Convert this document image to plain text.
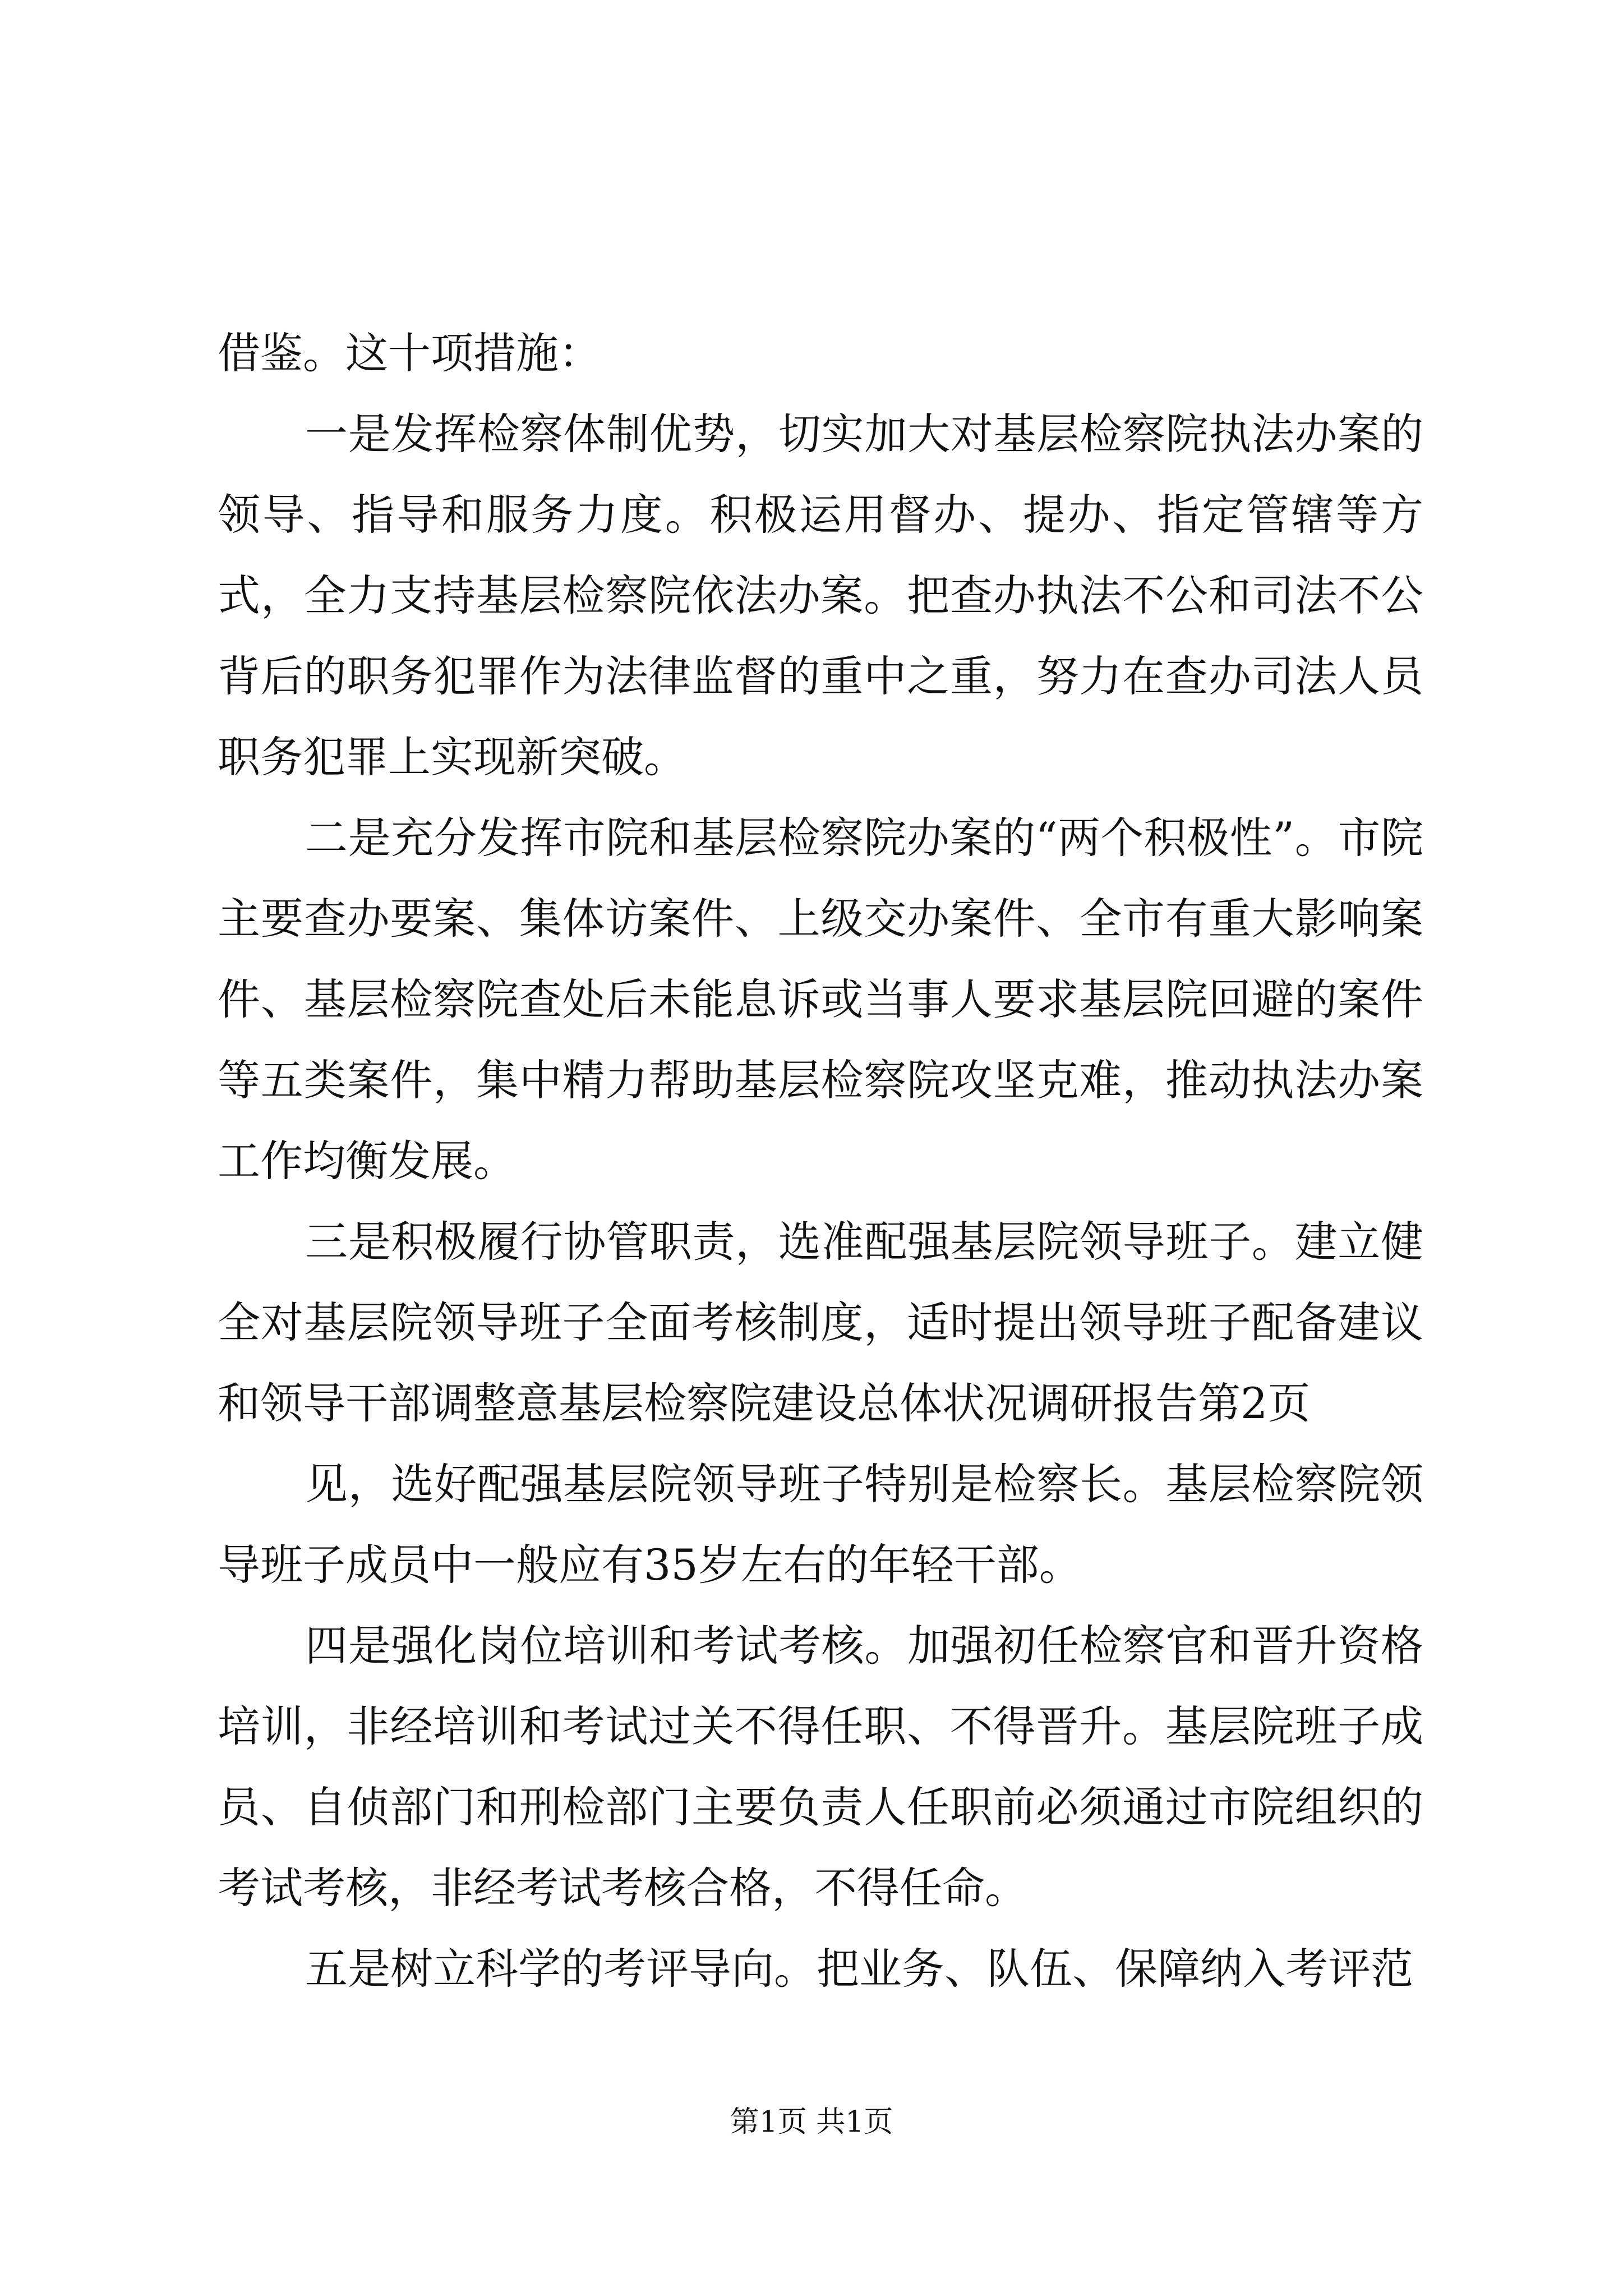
借鉴。这十项措施：

一是发挥检察体制优势，切实加大对基层检察院执法办案的领导、指导和服务力度。积极运用督办、提办、指定管辖等方式，全力支持基层检察院依法办案。把查办执法不公和司法不公背后的职务犯罪作为法律监督的重中之重，努力在查办司法人员职务犯罪上实现新突破。

二是充分发挥市院和基层检察院办案的“两个积极性”。市院主要查办要案、集体访案件、上级交办案件、全市有重大影响案件、基层检察院查处后未能息诉或当事人要求基层院回避的案件等五类案件，集中精力帮助基层检察院攻坚克难，推动执法办案工作均衡发展。

三是积极履行协管职责，选准配强基层院领导班子。建立健全对基层院领导班子全面考核制度，适时提出领导班子配备建议和领导干部调整意基层检察院建设总体状况调研报告第2页

见，选好配强基层院领导班子特别是检察长。基层检察院领导班子成员中一般应有35岁左右的年轻干部。

四是强化岗位培训和考试考核。加强初任检察官和晋升资格培训，非经培训和考试过关不得任职、不得晋升。基层院班子成员、自侦部门和刑检部门主要负责人任职前必须通过市院组织的考试考核，非经考试考核合格，不得任命。

五是树立科学的考评导向。把业务、队伍、保障纳入考评范

第1页 共1页
